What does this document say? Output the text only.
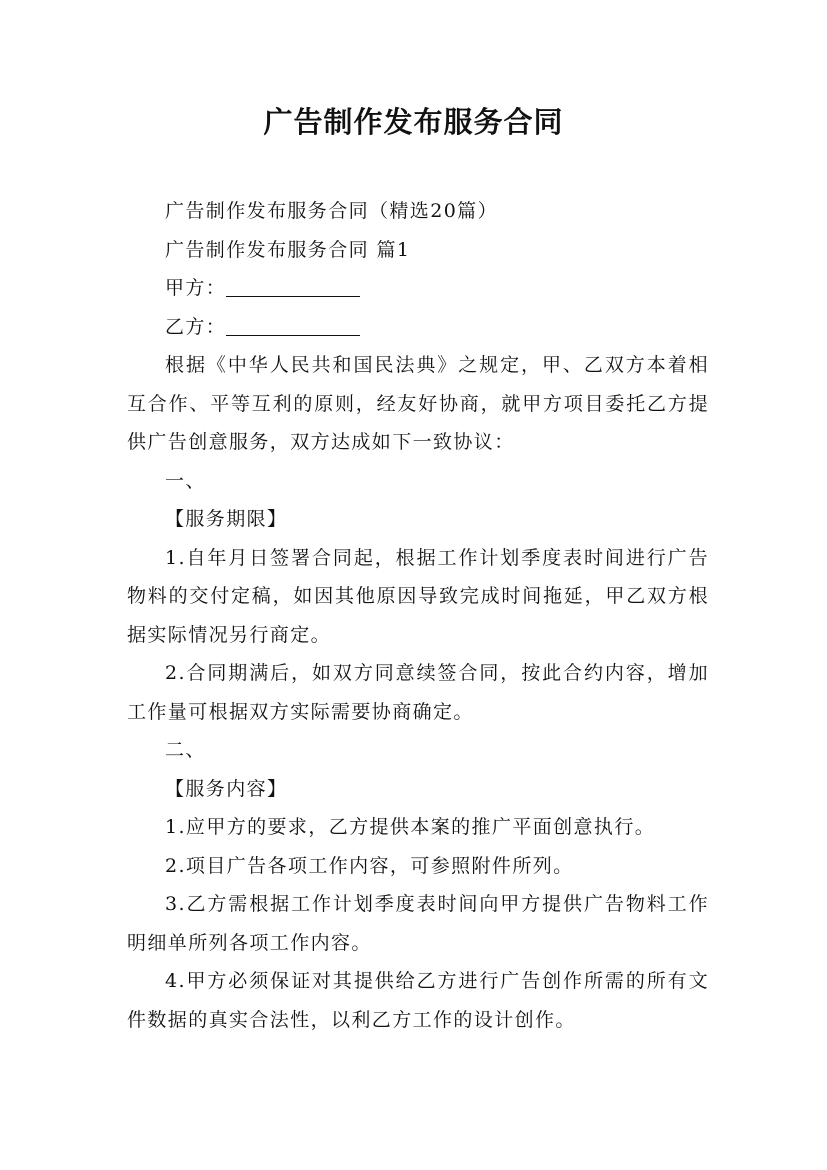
广告制作发布服务合同

广告制作发布服务合同（精选20篇）

广告制作发布服务合同 篇1

甲方：

乙方：

根据《中华人民共和国民法典》之规定，甲、乙双方本着相互合作、平等互利的原则，经友好协商，就甲方项目委托乙方提供广告创意服务，双方达成如下一致协议：

一、

【服务期限】

1.自年月日签署合同起，根据工作计划季度表时间进行广告物料的交付定稿，如因其他原因导致完成时间拖延，甲乙双方根据实际情况另行商定。

2.合同期满后，如双方同意续签合同，按此合约内容，增加工作量可根据双方实际需要协商确定。

二、

【服务内容】

1.应甲方的要求，乙方提供本案的推广平面创意执行。

2.项目广告各项工作内容，可参照附件所列。

3.乙方需根据工作计划季度表时间向甲方提供广告物料工作明细单所列各项工作内容。

4.甲方必须保证对其提供给乙方进行广告创作所需的所有文件数据的真实合法性，以利乙方工作的设计创作。
